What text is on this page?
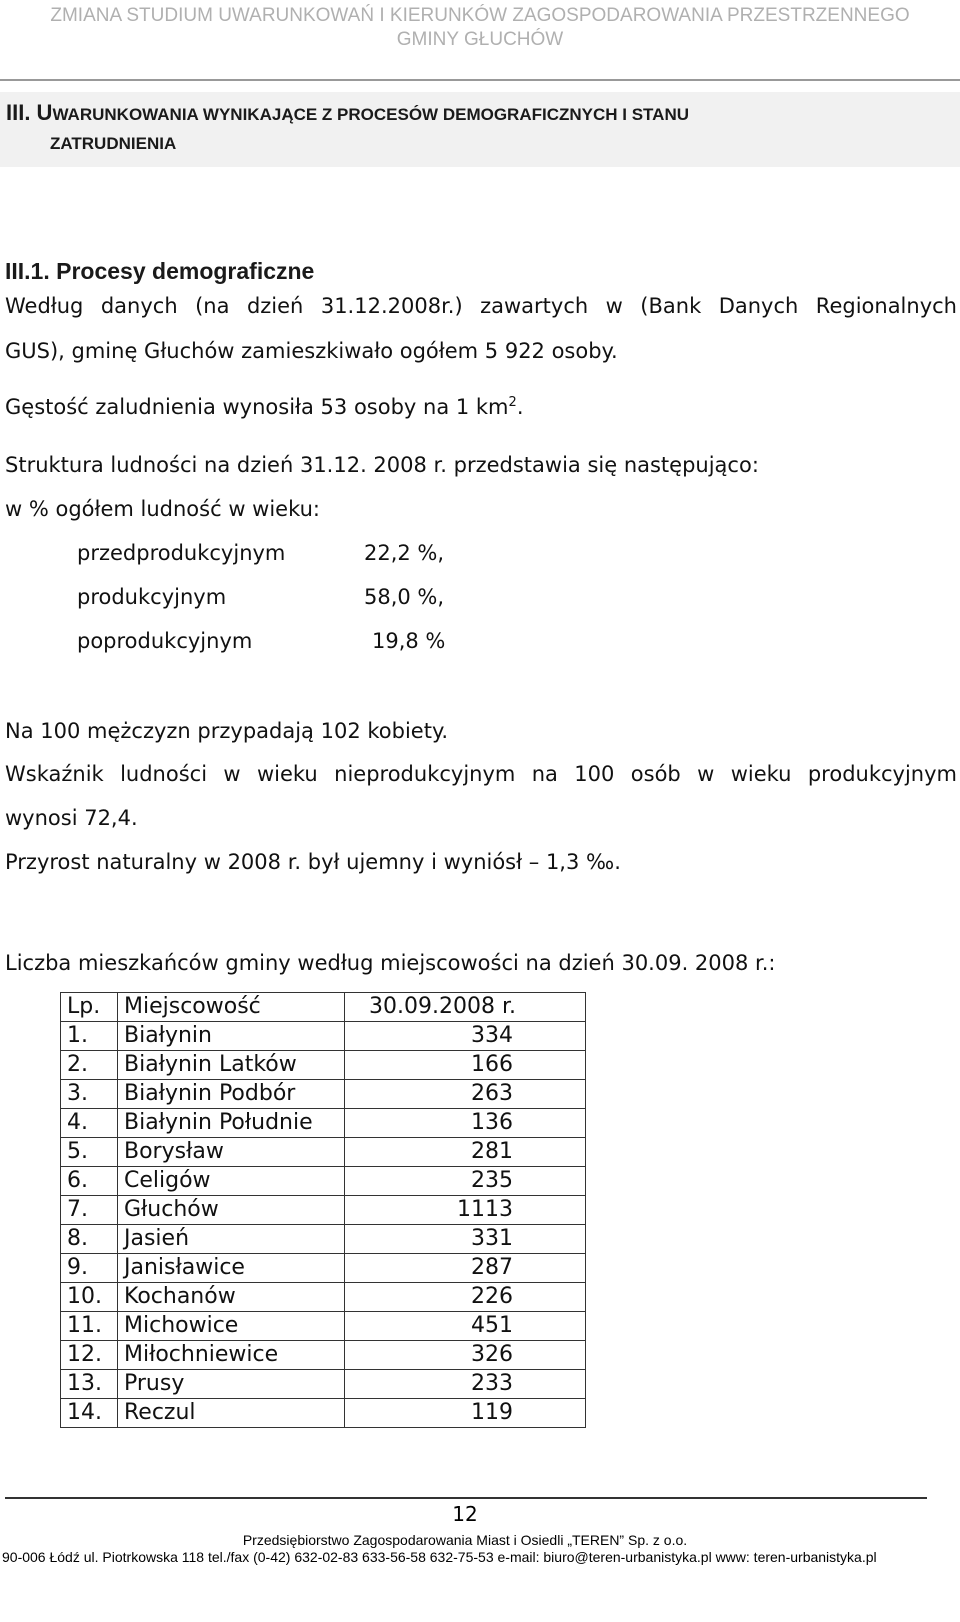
ZMIANA STUDIUM UWARUNKOWAŃ I KIERUNKÓW ZAGOSPODAROWANIA PRZESTRZENNEGO
GMINY GŁUCHÓW
III. UWARUNKOWANIA WYNIKAJĄCE Z PROCESÓW DEMOGRAFICZNYCH I STANU
ZATRUDNIENIA
III.1. Procesy demograficzne
Według danych (na dzień 31.12.2008r.) zawartych w (Bank Danych Regionalnych
GUS), gminę Głuchów zamieszkiwało ogółem 5 922 osoby.
Gęstość zaludnienia wynosiła 53 osoby na 1 $km^2$.
Struktura ludności na dzień 31.12. 2008 r. przedstawia się następująco:
w % ogółem ludność w wieku:
przedprodukcyjnym	22,2 %,
produkcyjnym	58,0 %,
poprodukcyjnym	19,8 %
Na 100 mężczyzn przypadają 102 kobiety.
Wskaźnik ludności w wieku nieprodukcyjnym na 100 osób w wieku produkcyjnym
wynosi 72,4.
Przyrost naturalny w 2008 r. był ujemny i wyniósł – 1,3 ‰.
Liczba mieszkańców gminy według miejscowości na dzień 30.09. 2008 r.:
Lp.	Miejscowość	30.09.2008 r.
1.	Białynin	334
2.	Białynin Latków	166
3.	Białynin Podbór	263
4.	Białynin Południe	136
5.	Borysław	281
6.	Celigów	235
7.	Głuchów	1113
8.	Jasień	331
9.	Janisławice	287
10.	Kochanów	226
11.	Michowice	451
12.	Miłochniewice	326
13.	Prusy	233
14.	Reczul	119
12
Przedsiębiorstwo Zagospodarowania Miast i Osiedli „TEREN” Sp. z o.o.
90-006 Łódź ul. Piotrkowska 118 tel./fax (0-42) 632-02-83 633-56-58 632-75-53 e-mail: biuro@teren-urbanistyka.pl www: teren-urbanistyka.pl
